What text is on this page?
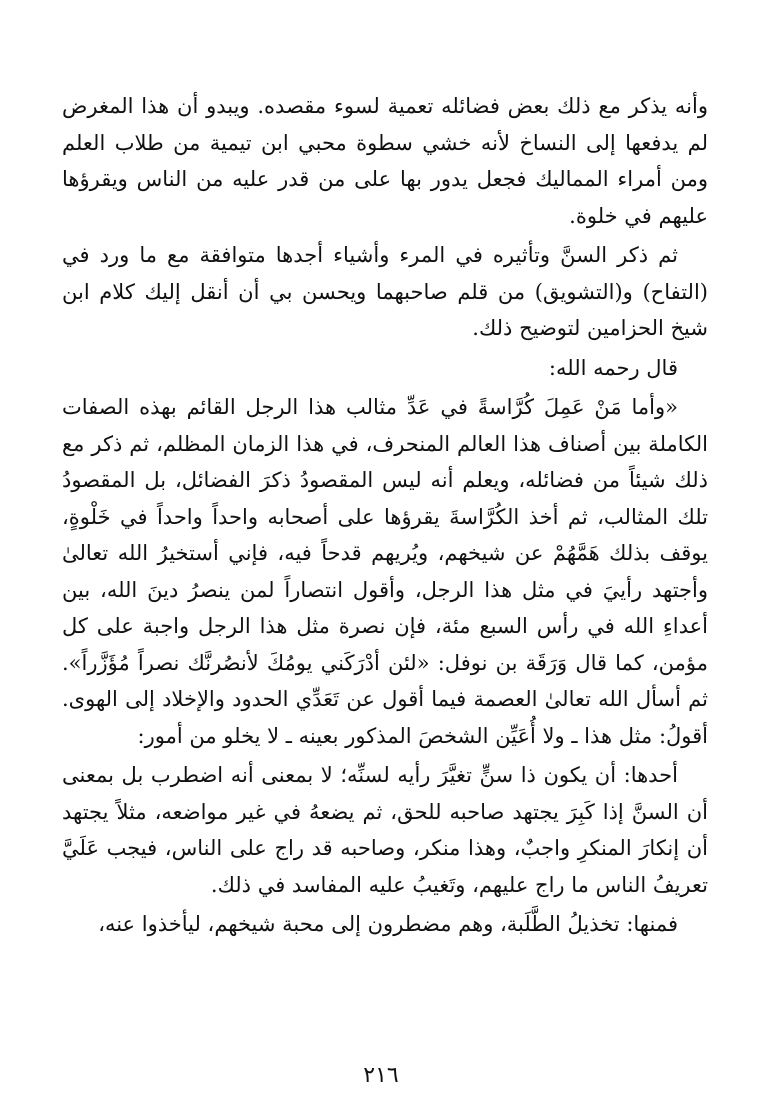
وأنه يذكر مع ذلك بعض فضائله تعمية لسوء مقصده. ويبدو أن هذا المغرض لم يدفعها إلى النساخ لأنه خشي سطوة محبي ابن تيمية من طلاب العلم ومن أمراء المماليك فجعل يدور بها على من قدر عليه من الناس ويقرؤها عليهم في خلوة.

ثم ذكر السنَّ وتأثيره في المرء وأشياء أجدها متوافقة مع ما ورد في (التفاح) و(التشويق) من قلم صاحبهما ويحسن بي أن أنقل إليك كلام ابن شيخ الحزامين لتوضيح ذلك.

قال رحمه الله:

«وأما مَنْ عَمِلَ كُرَّاسةً في عَدِّ مثالب هذا الرجل القائم بهذه الصفات الكاملة بين أصناف هذا العالم المنحرف، في هذا الزمان المظلم، ثم ذكر مع ذلك شيئاً من فضائله، ويعلم أنه ليس المقصودُ ذكرَ الفضائل، بل المقصودُ تلك المثالب، ثم أخذ الكُرَّاسةَ يقرؤها على أصحابه واحداً واحداً في خَلْوةٍ، يوقف بذلك هَمَّهُمْ عن شيخهم، ويُريهم قدحاً فيه، فإني أستخيرُ الله تعالىٰ وأجتهد رأييَ في مثل هذا الرجل، وأقول انتصاراً لمن ينصرُ دينَ الله، بين أعداءِ الله في رأس السبع مئة، فإن نصرة مثل هذا الرجل واجبة على كل مؤمن، كما قال وَرَقَة بن نوفل: «لئن أدْرَكَني يومُكَ لأنصُرنَّك نصراً مُؤَزَّراً». ثم أسأل الله تعالىٰ العصمة فيما أقول عن تَعَدِّي الحدود والإخلاد إلى الهوى. أقولُ: مثل هذا ـ ولا أُعَيِّن الشخصَ المذكور بعينه ـ لا يخلو من أمور:

أحدها: أن يكون ذا سنٍّ تغيَّرَ رأيه لسنِّه؛ لا بمعنى أنه اضطرب بل بمعنى أن السنَّ إذا كَبِرَ يجتهد صاحبه للحق، ثم يضعهُ في غير مواضعه، مثلاً يجتهد أن إنكارَ المنكرِ واجبٌ، وهذا منكر، وصاحبه قد راج على الناس، فيجب عَلَيَّ تعريفُ الناس ما راج عليهم، وتَغيبُ عليه المفاسد في ذلك.

فمنها: تخذيلُ الطَّلَبة، وهم مضطرون إلى محبة شيخهم، ليأخذوا عنه،

٢١٦
